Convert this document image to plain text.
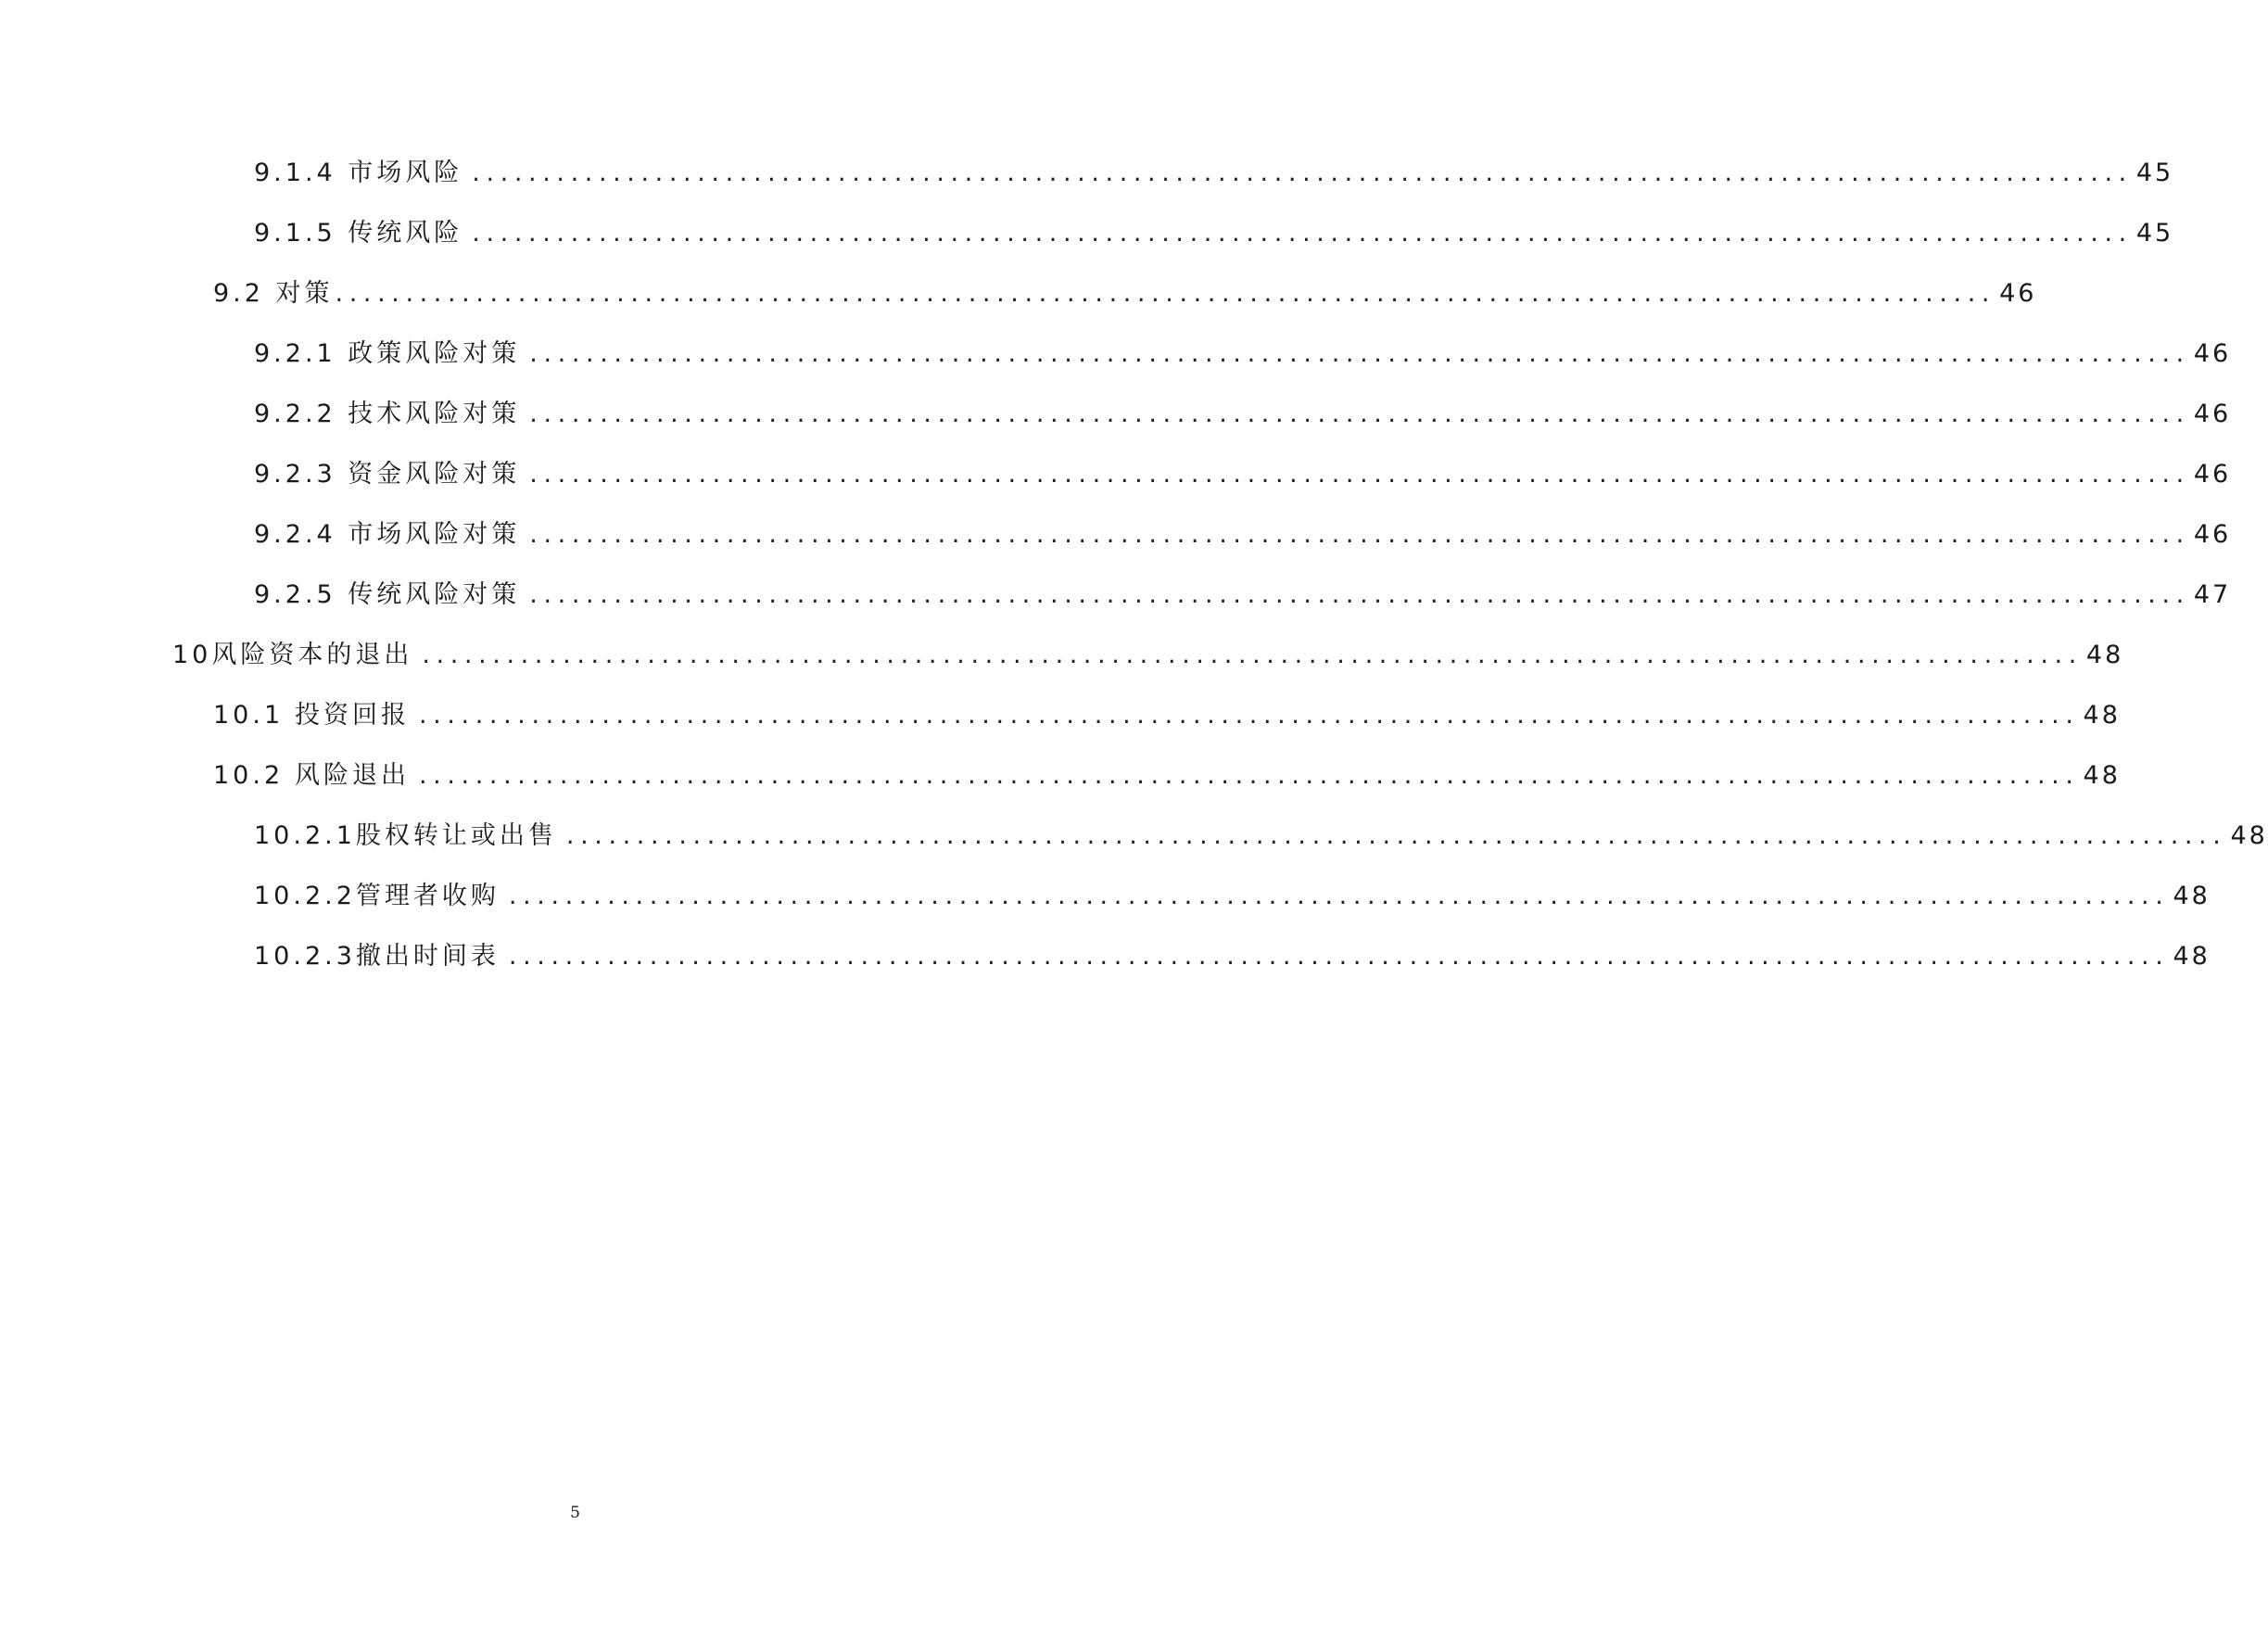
9.1.4 市场风险 ...................................................................................................................... 45
9.1.5 传统风险 ...................................................................................................................... 45
9.2 对策 ...................................................................................................................... 46
9.2.1 政策风险对策 ...................................................................................................................... 46
9.2.2 技术风险对策 ...................................................................................................................... 46
9.2.3 资金风险对策 ...................................................................................................................... 46
9.2.4 市场风险对策 ...................................................................................................................... 46
9.2.5 传统风险对策 ...................................................................................................................... 47
10 风险资本的退出 ...................................................................................................................... 48
10.1 投资回报 ...................................................................................................................... 48
10.2 风险退出 ...................................................................................................................... 48
10.2.1 股权转让或出售 ...................................................................................................................... 48
10.2.2 管理者收购 ...................................................................................................................... 48
10.2.3 撤出时间表 ...................................................................................................................... 48
5
